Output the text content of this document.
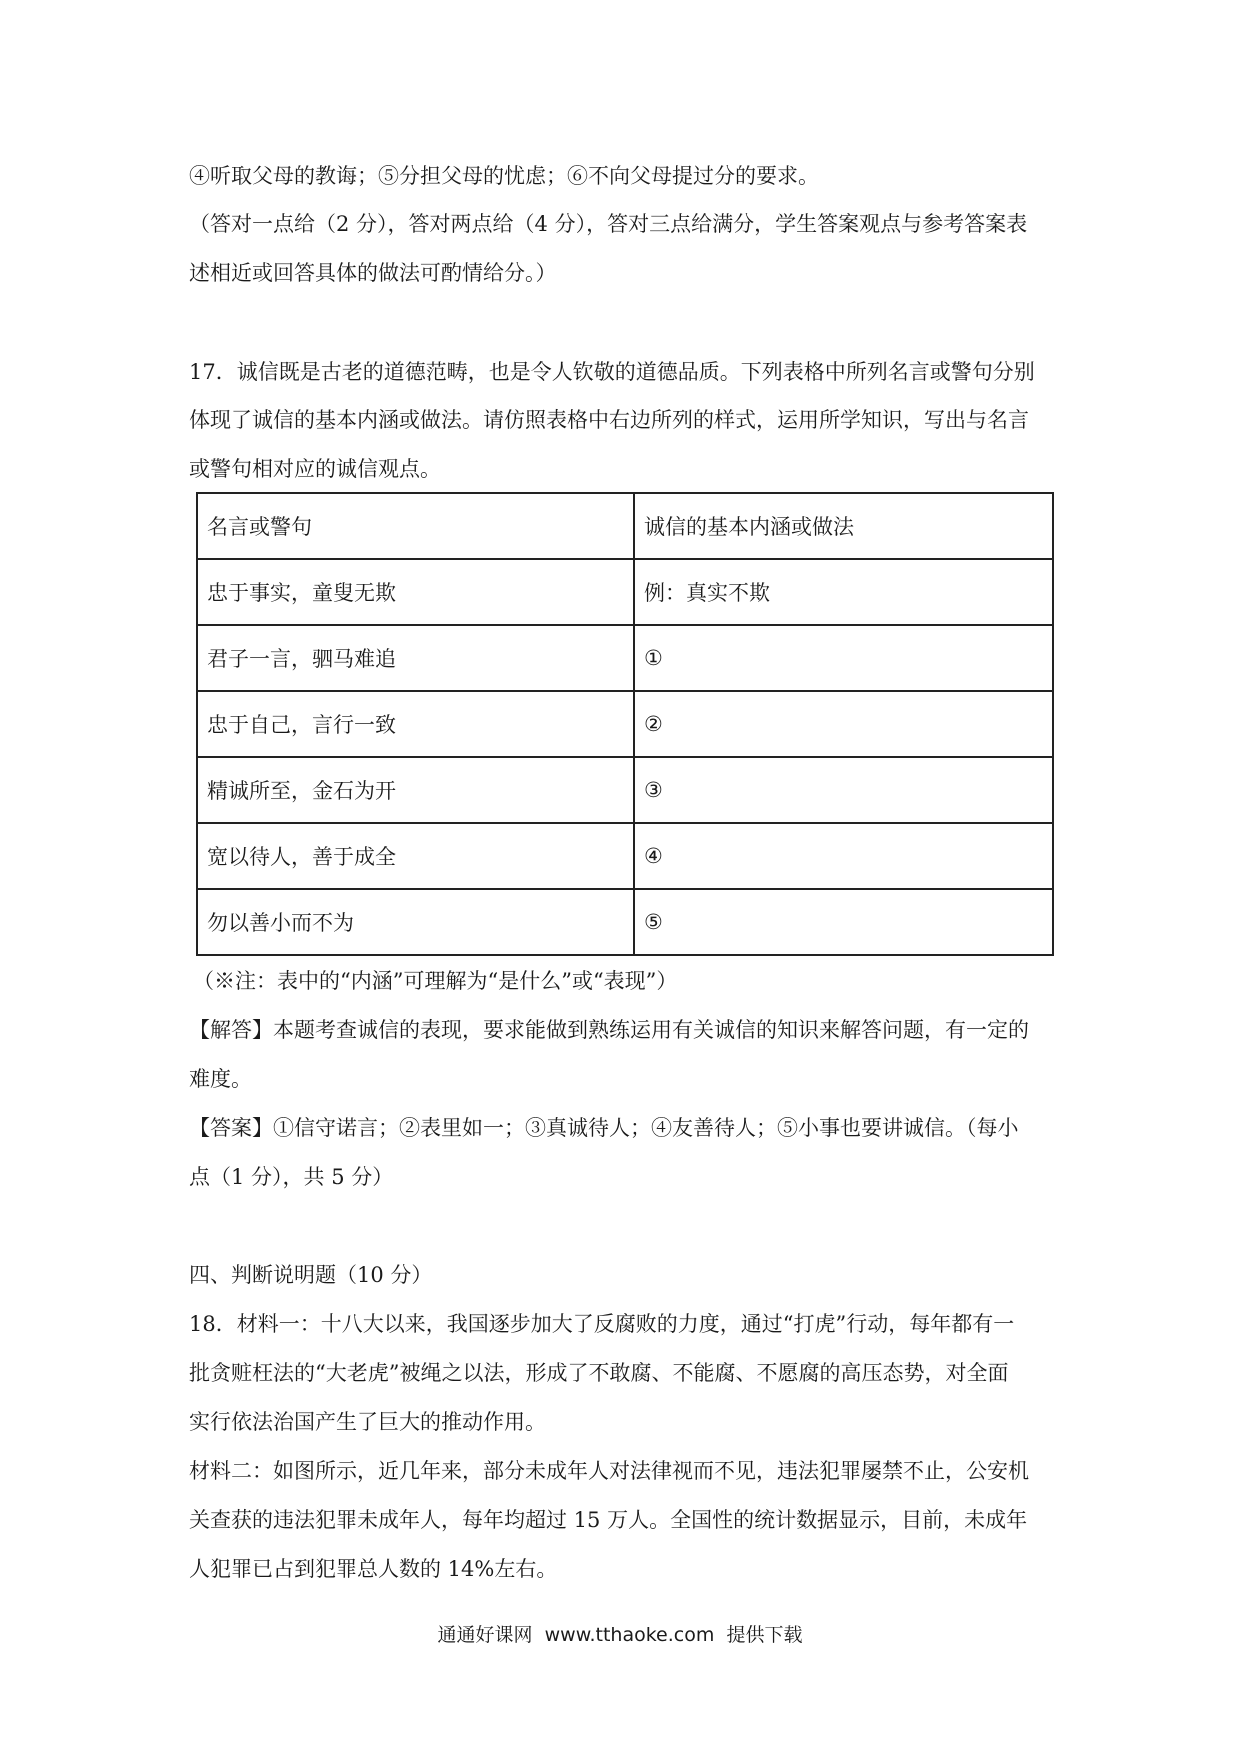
④听取父母的教诲；⑤分担父母的忧虑；⑥不向父母提过分的要求。
（答对一点给（2 分），答对两点给（4 分），答对三点给满分，学生答案观点与参考答案表
述相近或回答具体的做法可酌情给分。）
17．诚信既是古老的道德范畴，也是令人钦敬的道德品质。下列表格中所列名言或警句分别
体现了诚信的基本内涵或做法。请仿照表格中右边所列的样式，运用所学知识，写出与名言
或警句相对应的诚信观点。
名言或警句	诚信的基本内涵或做法
忠于事实，童叟无欺	例：真实不欺
君子一言，驷马难追	①
忠于自己，言行一致	②
精诚所至，金石为开	③
宽以待人，善于成全	④
勿以善小而不为	⑤
（※注：表中的“内涵”可理解为“是什么”或“表现”）
【解答】本题考查诚信的表现，要求能做到熟练运用有关诚信的知识来解答问题，有一定的
难度。
【答案】①信守诺言；②表里如一；③真诚待人；④友善待人；⑤小事也要讲诚信。（每小
点（1 分），共 5 分）
四、判断说明题（10 分）
18．材料一：十八大以来，我国逐步加大了反腐败的力度，通过“打虎”行动，每年都有一
批贪赃枉法的“大老虎”被绳之以法，形成了不敢腐、不能腐、不愿腐的高压态势，对全面
实行依法治国产生了巨大的推动作用。
材料二：如图所示，近几年来，部分未成年人对法律视而不见，违法犯罪屡禁不止，公安机
关查获的违法犯罪未成年人，每年均超过 15 万人。全国性的统计数据显示，目前，未成年
人犯罪已占到犯罪总人数的 14%左右。
通通好课网  www.tthaoke.com  提供下载
